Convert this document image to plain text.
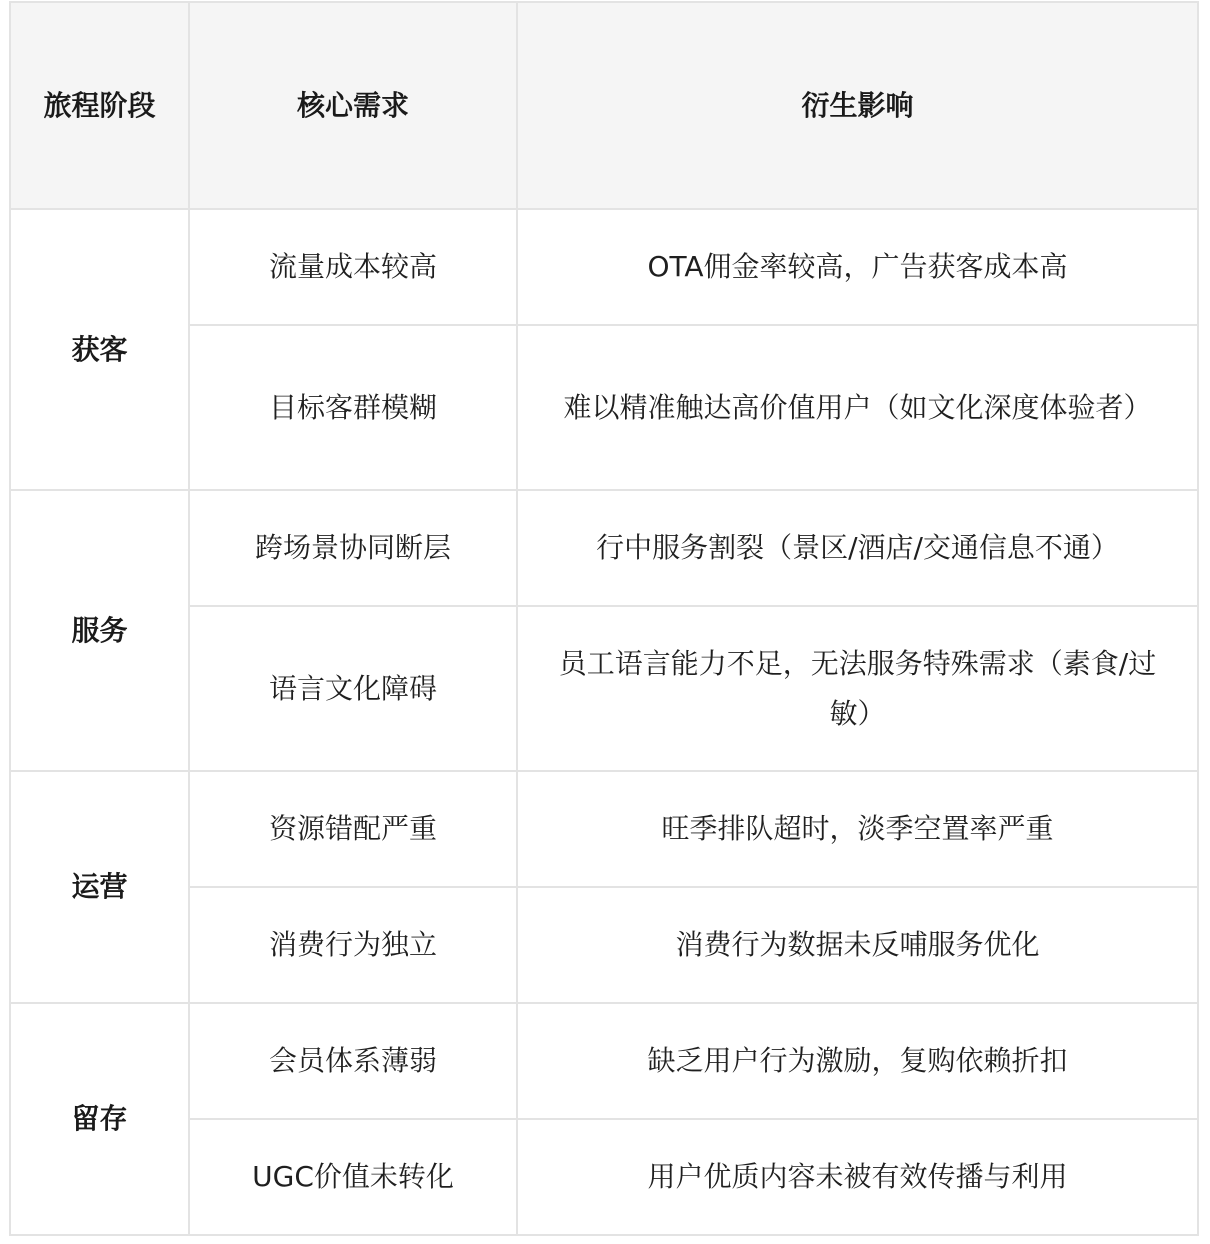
旅程阶段	核心需求	衍生影响
获客	流量成本较高	OTA佣金率较高，广告获客成本高
	目标客群模糊	难以精准触达高价值用户（如文化深度体验者）
服务	跨场景协同断层	行中服务割裂（景区/酒店/交通信息不通）
	语言文化障碍	员工语言能力不足，无法服务特殊需求（素食/过敏）
运营	资源错配严重	旺季排队超时，淡季空置率严重
	消费行为独立	消费行为数据未反哺服务优化
留存	会员体系薄弱	缺乏用户行为激励，复购依赖折扣
	UGC价值未转化	用户优质内容未被有效传播与利用
